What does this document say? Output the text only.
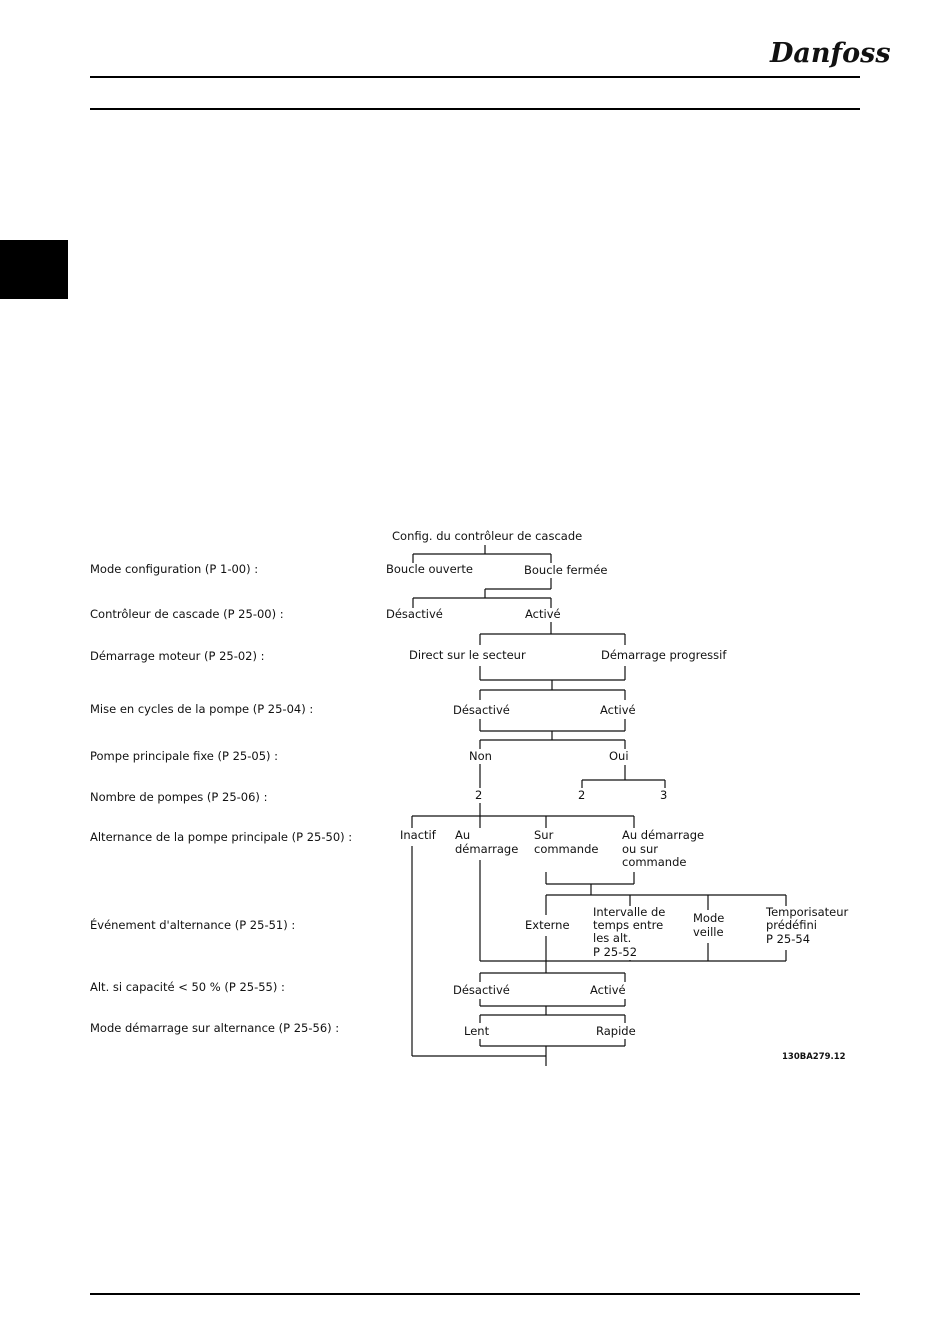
Danfoss
Mode configuration (P 1-00) :
Contrôleur de cascade (P 25-00) :
Démarrage moteur (P 25-02) :
Mise en cycles de la pompe (P 25-04) :
Pompe principale fixe (P 25-05) :
Nombre de pompes (P 25-06) :
Alternance de la pompe principale (P 25-50) :
Événement d'alternance (P 25-51) :
Alt. si capacité < 50 % (P 25-55) :
Mode démarrage sur alternance (P 25-56) :
Config. du contrôleur de cascade
Boucle ouverte	Boucle fermée
Désactivé	Activé
Direct sur le secteur	Démarrage progressif
Désactivé	Activé
Non	Oui
2	2	3
Inactif Au
démarrage
Sur
commande
Au démarrage
ou sur
commande
Externe
Intervalle de
temps entre
les alt.
P 25-52
Mode
veille
Temporisateur
prédéfini
P 25-54
Désactivé	Activé
Lent	Rapide
130BA279.12
